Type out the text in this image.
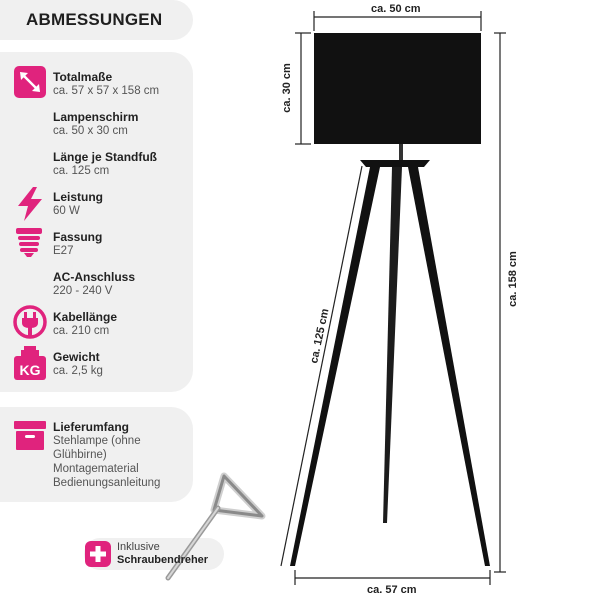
ABMESSUNGEN
KG
Totalmaße
ca. 57 x 57 x 158 cm
Lampenschirm
ca. 50 x 30 cm
Länge je Standfuß
ca. 125 cm
Leistung
60 W
Fassung
E27
AC-Anschluss
220 - 240 V
Kabellänge
ca. 210 cm
Gewicht
ca. 2,5 kg
Lieferumfang
Stehlampe (ohne
Glühbirne)
Montagematerial
Bedienungsanleitung
Inklusive
Schraubendreher
ca. 50 cm
ca. 30 cm
ca. 158 cm
ca. 125 cm
ca. 57 cm
